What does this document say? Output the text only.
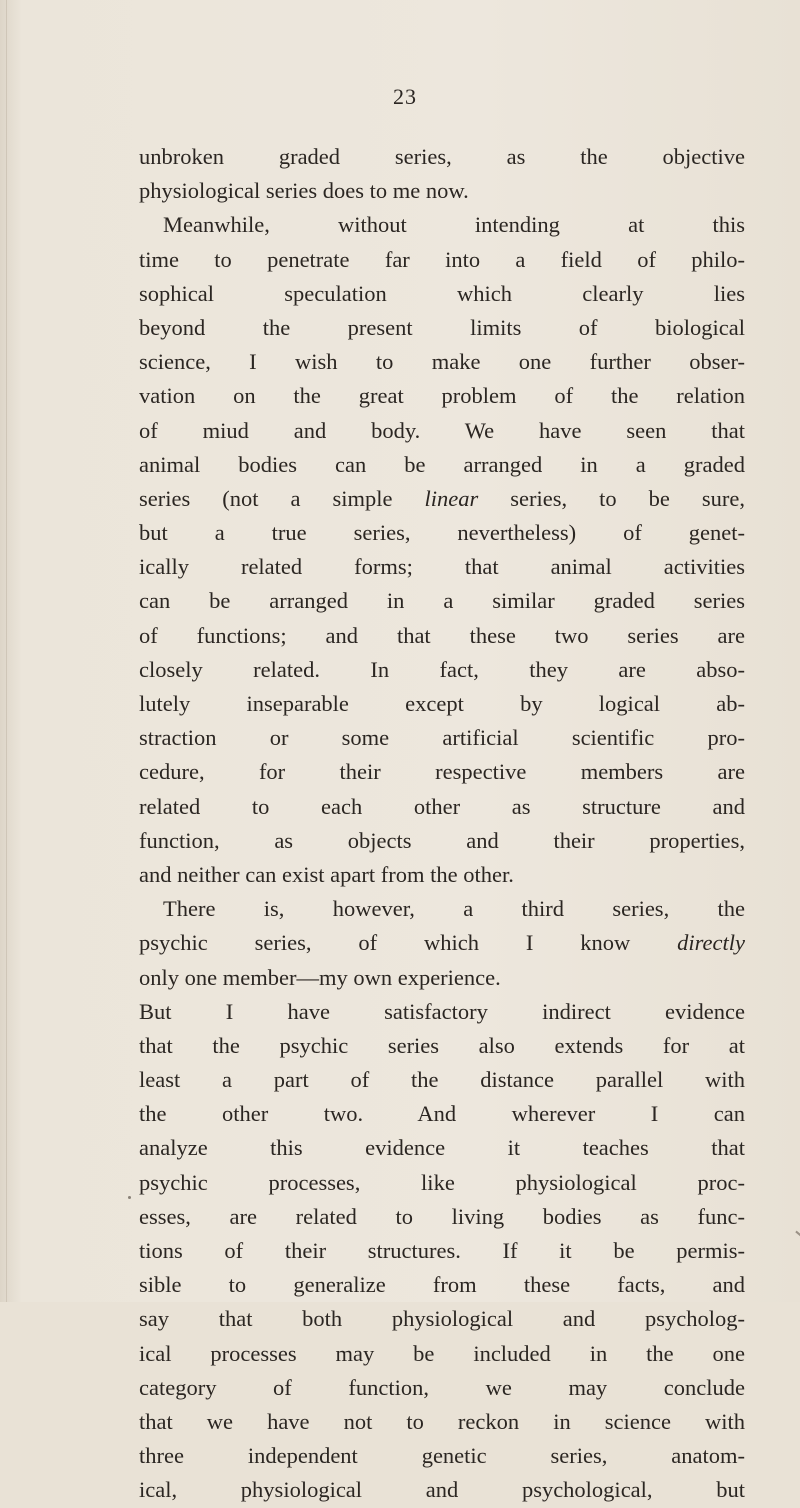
23
unbroken graded series, as the objective
physiological series does to me now.
Meanwhile, without intending at this
time to penetrate far into a field of philo-
sophical speculation which clearly lies
beyond the present limits of biological
science, I wish to make one further obser-
vation on the great problem of the relation
of miud and body. We have seen that
animal bodies can be arranged in a graded
series (not a simple linear series, to be sure,
but a true series, nevertheless) of genet-
ically related forms; that animal activities
can be arranged in a similar graded series
of functions; and that these two series are
closely related. In fact, they are abso-
lutely inseparable except by logical ab-
straction or some artificial scientific pro-
cedure, for their respective members are
related to each other as structure and
function, as objects and their properties,
and neither can exist apart from the other.
There is, however, a third series, the
psychic series, of which I know directly
only one member—my own experience.
But I have satisfactory indirect evidence
that the psychic series also extends for at
least a part of the distance parallel with
the other two. And wherever I can
analyze this evidence it teaches that
psychic processes, like physiological proc-
esses, are related to living bodies as func-
tions of their structures. If it be permis-
sible to generalize from these facts, and
say that both physiological and psycholog-
ical processes may be included in the one
category of function, we may conclude
that we have not to reckon in science with
three independent genetic series, anatom-
ical, physiological and psychological, but
